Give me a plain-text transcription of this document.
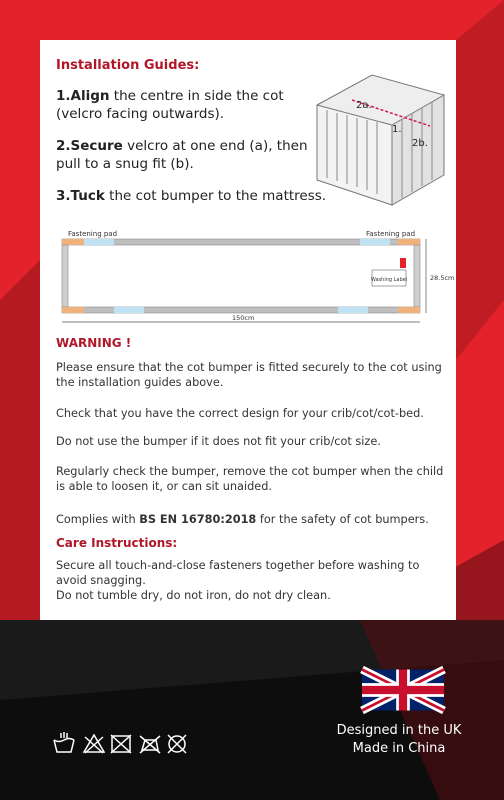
Installation Guides:
1.Align the centre in side the cot (velcro facing outwards).
2.Secure velcro at one end (a), then pull to a snug fit (b).
3.Tuck the cot bumper to the mattress.
2a.
1.
2b.
Fastening pad	Fastening pad
Washing Label	28.5cm
150cm
WARNING !
Please ensure that the cot bumper is fitted securely to the cot using the installation guides above.
Check that you have the correct design for your crib/cot/cot-bed.
Do not use the bumper if it does not fit your crib/cot size.
Regularly check the bumper, remove the cot bumper when the child is able to loosen it, or can sit unaided.
Complies with BS EN 16780:2018 for the safety of cot bumpers.
Care Instructions:
Secure all touch-and-close fasteners together before washing to avoid snagging.
Do not tumble dry, do not iron, do not dry clean.
Designed in the UK
Made in China
